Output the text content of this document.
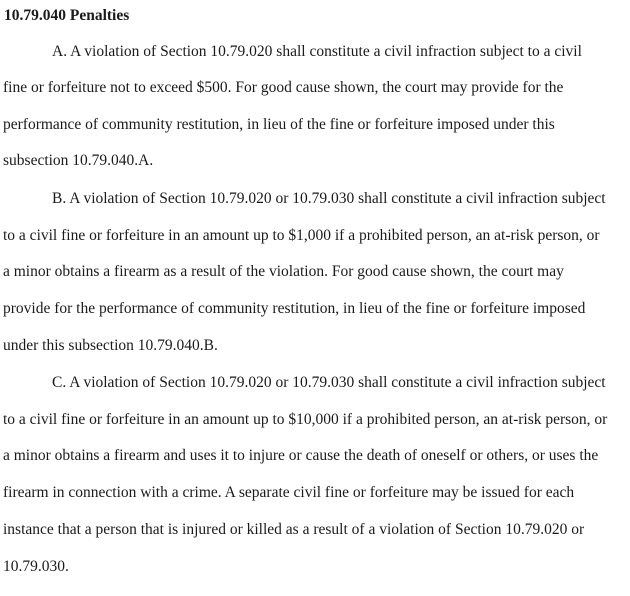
10.79.040 Penalties
A. A violation of Section 10.79.020 shall constitute a civil infraction subject to a civil
fine or forfeiture not to exceed $500. For good cause shown, the court may provide for the
performance of community restitution, in lieu of the fine or forfeiture imposed under this
subsection 10.79.040.A.
B. A violation of Section 10.79.020 or 10.79.030 shall constitute a civil infraction subject
to a civil fine or forfeiture in an amount up to $1,000 if a prohibited person, an at-risk person, or
a minor obtains a firearm as a result of the violation. For good cause shown, the court may
provide for the performance of community restitution, in lieu of the fine or forfeiture imposed
under this subsection 10.79.040.B.
C. A violation of Section 10.79.020 or 10.79.030 shall constitute a civil infraction subject
to a civil fine or forfeiture in an amount up to $10,000 if a prohibited person, an at-risk person, or
a minor obtains a firearm and uses it to injure or cause the death of oneself or others, or uses the
firearm in connection with a crime. A separate civil fine or forfeiture may be issued for each
instance that a person that is injured or killed as a result of a violation of Section 10.79.020 or
10.79.030.
